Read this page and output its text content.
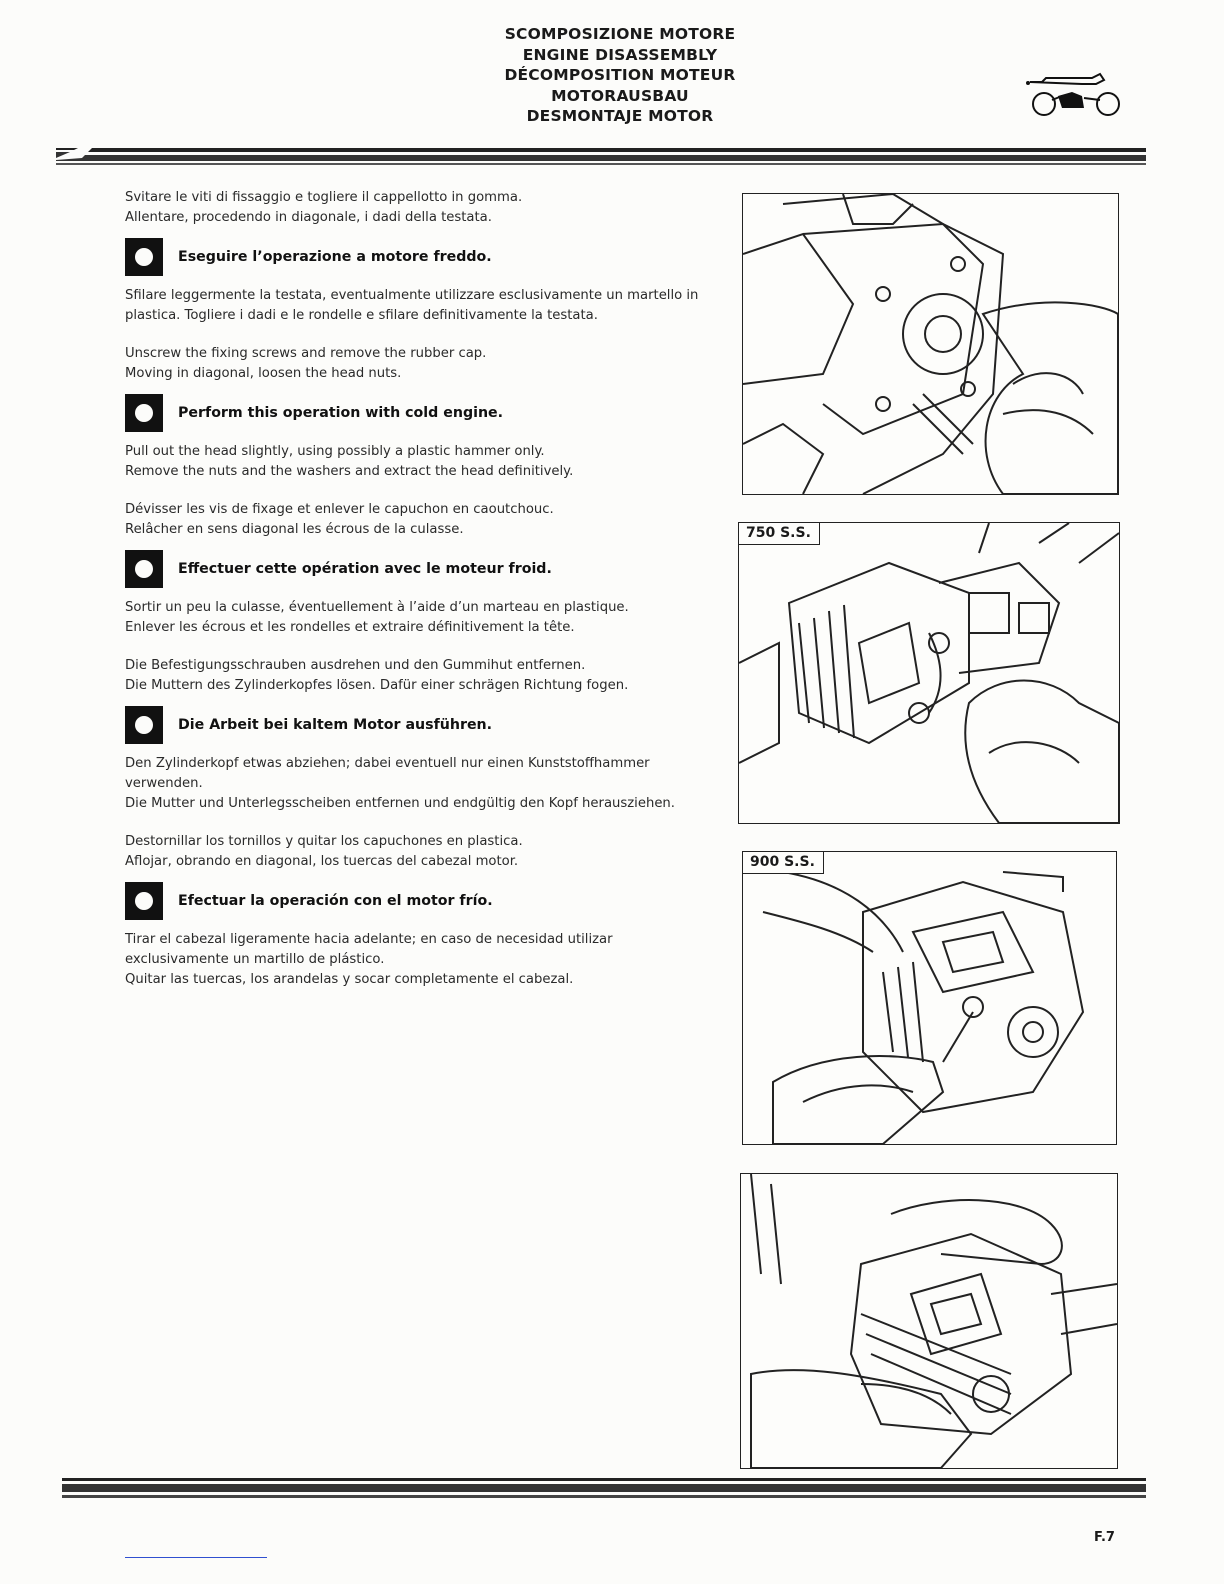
SCOMPOSIZIONE MOTORE
ENGINE DISASSEMBLY
DÉCOMPOSITION MOTEUR
MOTORAUSBAU
DESMONTAJE MOTOR

Svitare le viti di fissaggio e togliere il cappellotto in gomma.

Allentare, procedendo in diagonale, i dadi della testata.

Eseguire l’operazione a motore freddo.

Sfilare leggermente la testata, eventualmente utilizzare esclusivamente un martello in plastica. Togliere i dadi e le rondelle e sfilare definitivamente la testata.

Unscrew the fixing screws and remove the rubber cap.

Moving in diagonal, loosen the head nuts.

Perform this operation with cold engine.

Pull out the head slightly, using possibly a plastic hammer only.

Remove the nuts and the washers and extract the head definitively.

Dévisser les vis de fixage et enlever le capuchon en caoutchouc.

Relâcher en sens diagonal les écrous de la culasse.

Effectuer cette opération avec le moteur froid.

Sortir un peu la culasse, éventuellement à l’aide d’un marteau en plastique.

Enlever les écrous et les rondelles et extraire définitivement la tête.

Die Befestigungsschrauben ausdrehen und den Gummihut entfernen.

Die Muttern des Zylinderkopfes lösen. Dafür einer schrägen Richtung fogen.

Die Arbeit bei kaltem Motor ausführen.

Den Zylinderkopf etwas abziehen; dabei eventuell nur einen Kunststoffhammer verwenden.

Die Mutter und Unterlegsscheiben entfernen und endgültig den Kopf herausziehen.

Destornillar los tornillos y quitar los capuchones en plastica.

Aflojar, obrando en diagonal, los tuercas del cabezal motor.

Efectuar la operación con el motor frío.

Tirar el cabezal ligeramente hacia adelante; en caso de necesidad utilizar exclusivamente un martillo de plástico.

Quitar las tuercas, los arandelas y socar completamente el cabezal.

750 S.S.
900 S.S.
F.7
